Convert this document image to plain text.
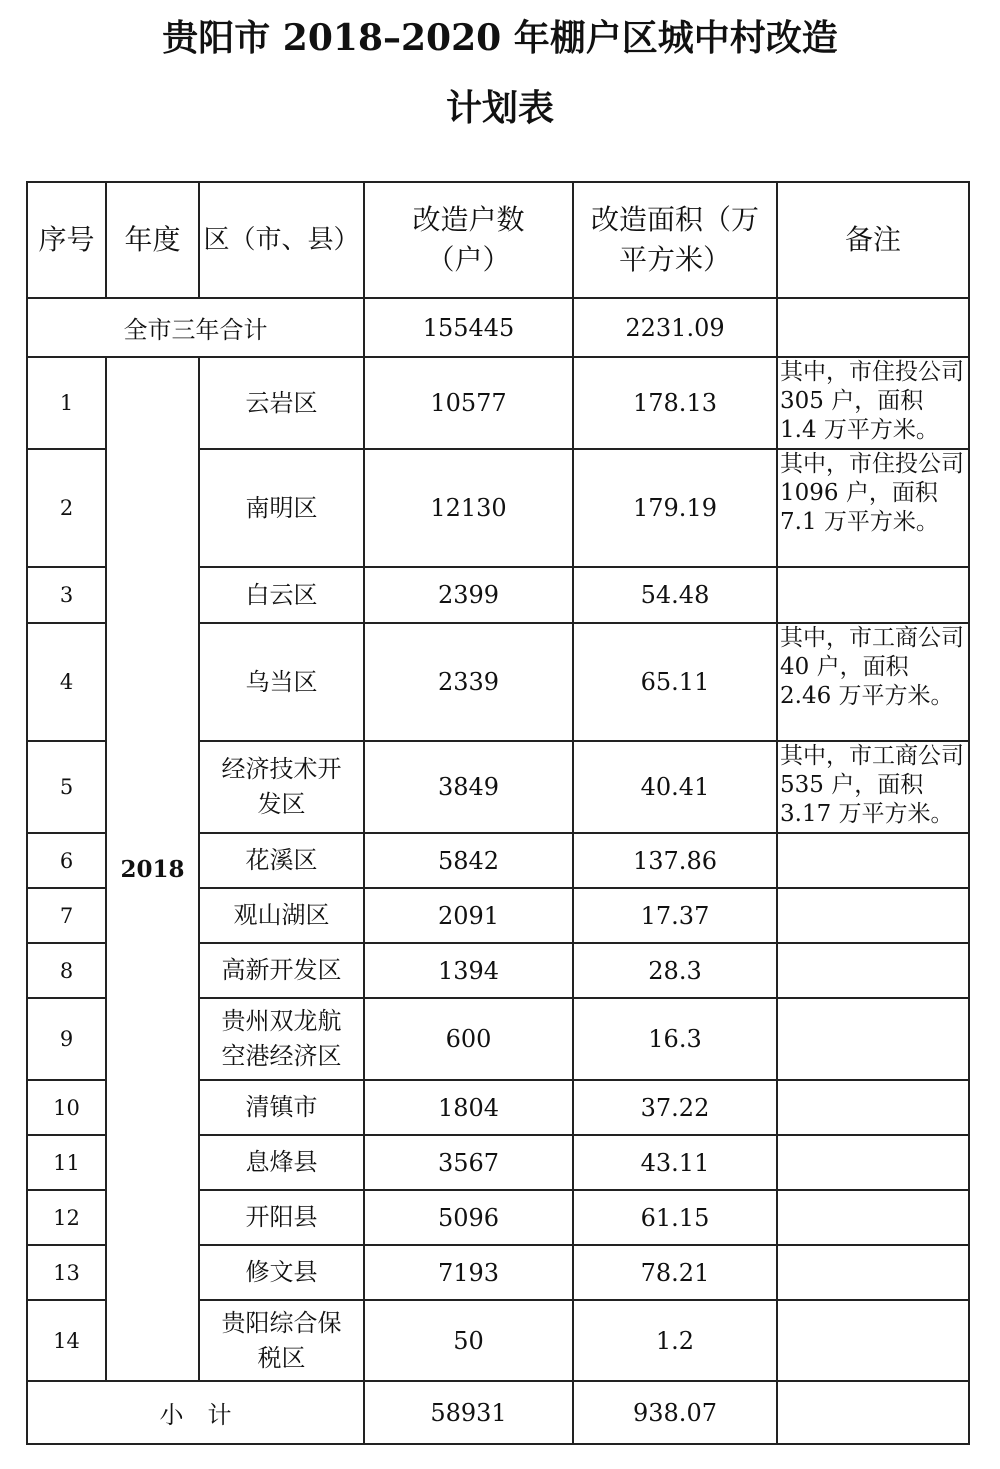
贵阳市 2018–2020 年棚户区城中村改造
计划表
序号	年度	区（市、县）	改造户数（户）	改造面积（万平方米）	备注
全市三年合计			155445	2231.09	
1	2018	云岩区	10577	178.13	其中，市住投公司 305 户，面积 1.4 万平方米。
2		南明区	12130	179.19	其中，市住投公司 1096 户，面积 7.1 万平方米。
3		白云区	2399	54.48	
4		乌当区	2339	65.11	其中，市工商公司 40 户，面积 2.46 万平方米。
5		经济技术开发区	3849	40.41	其中，市工商公司 535 户，面积 3.17 万平方米。
6		花溪区	5842	137.86	
7		观山湖区	2091	17.37	
8		高新开发区	1394	28.3	
9		贵州双龙航空港经济区	600	16.3	
10		清镇市	1804	37.22	
11		息烽县	3567	43.11	
12		开阳县	5096	61.15	
13		修文县	7193	78.21	
14		贵阳综合保税区	50	1.2	
小　计			58931	938.07	
